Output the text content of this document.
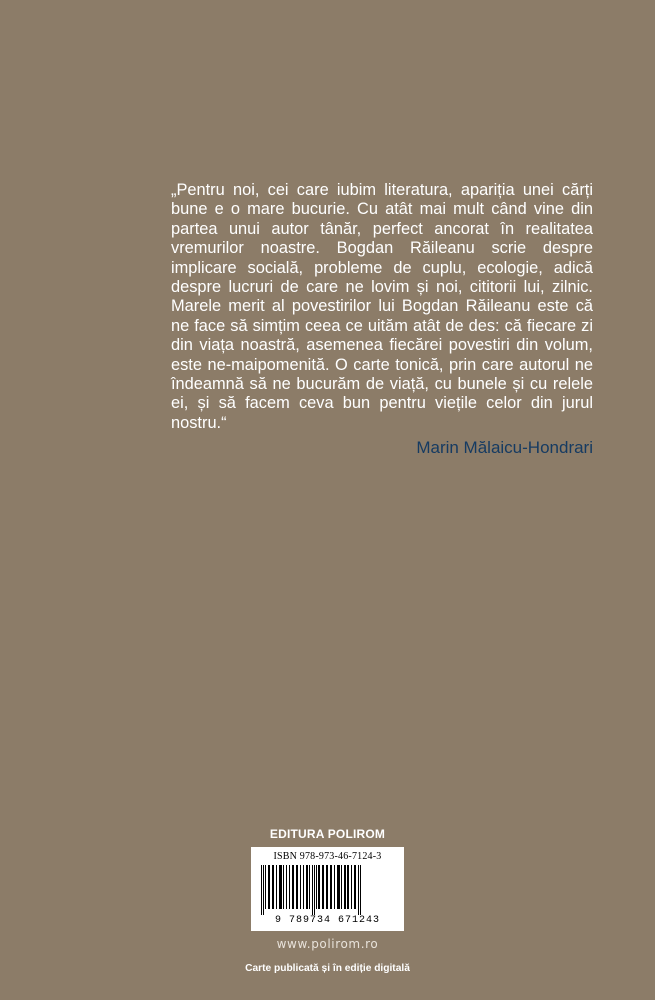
„Pentru noi, cei care iubim literatura, apariția unei cărți bune e o mare bucurie. Cu atât mai mult când vine din partea unui autor tânăr, perfect ancorat în realitatea vremurilor noastre. Bogdan Răileanu scrie despre implicare socială, probleme de cuplu, ecologie, adică despre lucruri de care ne lovim și noi, cititorii lui, zilnic. Marele merit al povestirilor lui Bogdan Răileanu este că ne face să simțim ceea ce uităm atât de des: că fiecare zi din viața noastră, asemenea fiecărei povestiri din volum, este ne-maipomenită. O carte tonică, prin care autorul ne îndeamnă să ne bucurăm de viață, cu bunele și cu relele ei, și să facem ceva bun pentru viețile celor din jurul nostru.“

Marin Mălaicu-Hondrari

EDITURA POLIROM
ISBN 978-973-46-7124-3
9 789734 671243
www.polirom.ro
Carte publicată și în ediție digitală
